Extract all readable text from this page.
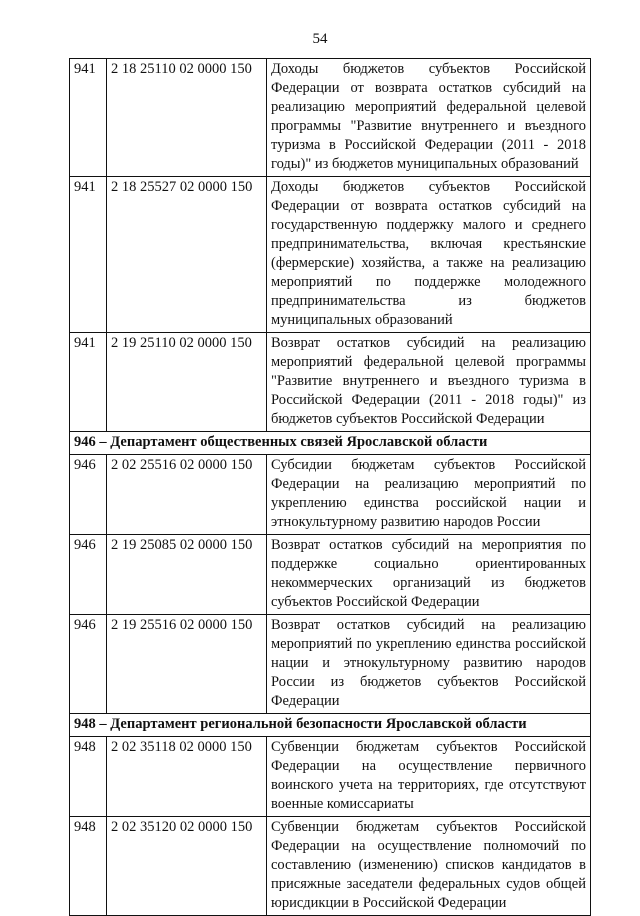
54
941	2 18 25110 02 0000 150	Доходы бюджетов субъектов Российской Федерации от возврата остатков субсидий на реализацию мероприятий федеральной целевой программы "Развитие внутреннего и въездного туризма в Российской Федерации (2011 - 2018 годы)" из бюджетов муниципальных образований
941	2 18 25527 02 0000 150	Доходы бюджетов субъектов Российской Федерации от возврата остатков субсидий на государственную поддержку малого и среднего предпринимательства, включая крестьянские (фермерские) хозяйства, а также на реализацию мероприятий по поддержке молодежного предпринимательства из бюджетов муниципальных образований
941	2 19 25110 02 0000 150	Возврат остатков субсидий на реализацию мероприятий федеральной целевой программы "Развитие внутреннего и въездного туризма в Российской Федерации (2011 - 2018 годы)" из бюджетов субъектов Российской Федерации
946 – Департамент общественных связей Ярославской области		
946	2 02 25516 02 0000 150	Субсидии бюджетам субъектов Российской Федерации на реализацию мероприятий по укреплению единства российской нации и этнокультурному развитию народов России
946	2 19 25085 02 0000 150	Возврат остатков субсидий на мероприятия по поддержке социально ориентированных некоммерческих организаций из бюджетов субъектов Российской Федерации
946	2 19 25516 02 0000 150	Возврат остатков субсидий на реализацию мероприятий по укреплению единства российской нации и этнокультурному развитию народов России из бюджетов субъектов Российской Федерации
948 – Департамент региональной безопасности Ярославской области		
948	2 02 35118 02 0000 150	Субвенции бюджетам субъектов Российской Федерации на осуществление первичного воинского учета на территориях, где отсутствуют военные комиссариаты
948	2 02 35120 02 0000 150	Субвенции бюджетам субъектов Российской Федерации на осуществление полномочий по составлению (изменению) списков кандидатов в присяжные заседатели федеральных судов общей юрисдикции в Российской Федерации
